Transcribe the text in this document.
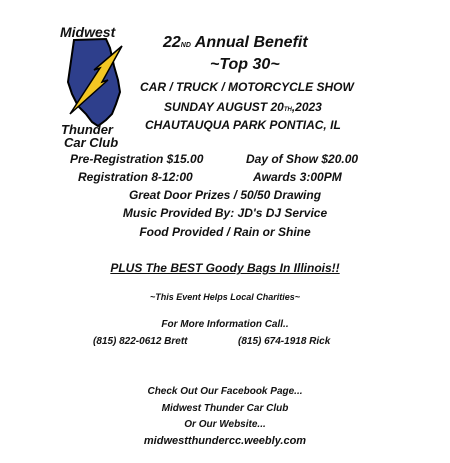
Midwest
Thunder
Car Club
22ND Annual Benefit
~Top 30~
CAR / TRUCK / MOTORCYCLE SHOW
SUNDAY AUGUST 20TH,2023
CHAUTAUQUA PARK PONTIAC, IL
Pre-Registration $15.00	Day of Show $20.00
Registration 8-12:00	Awards 3:00PM
Great Door Prizes / 50/50 Drawing
Music Provided By: JD's DJ Service
Food Provided / Rain or Shine
PLUS The BEST Goody Bags In Illinois!!
~This Event Helps Local Charities~
For More Information Call..
(815) 822-0612 Brett	(815) 674-1918 Rick
Check Out Our Facebook Page...
Midwest Thunder Car Club
Or Our Website...
midwestthundercc.weebly.com
